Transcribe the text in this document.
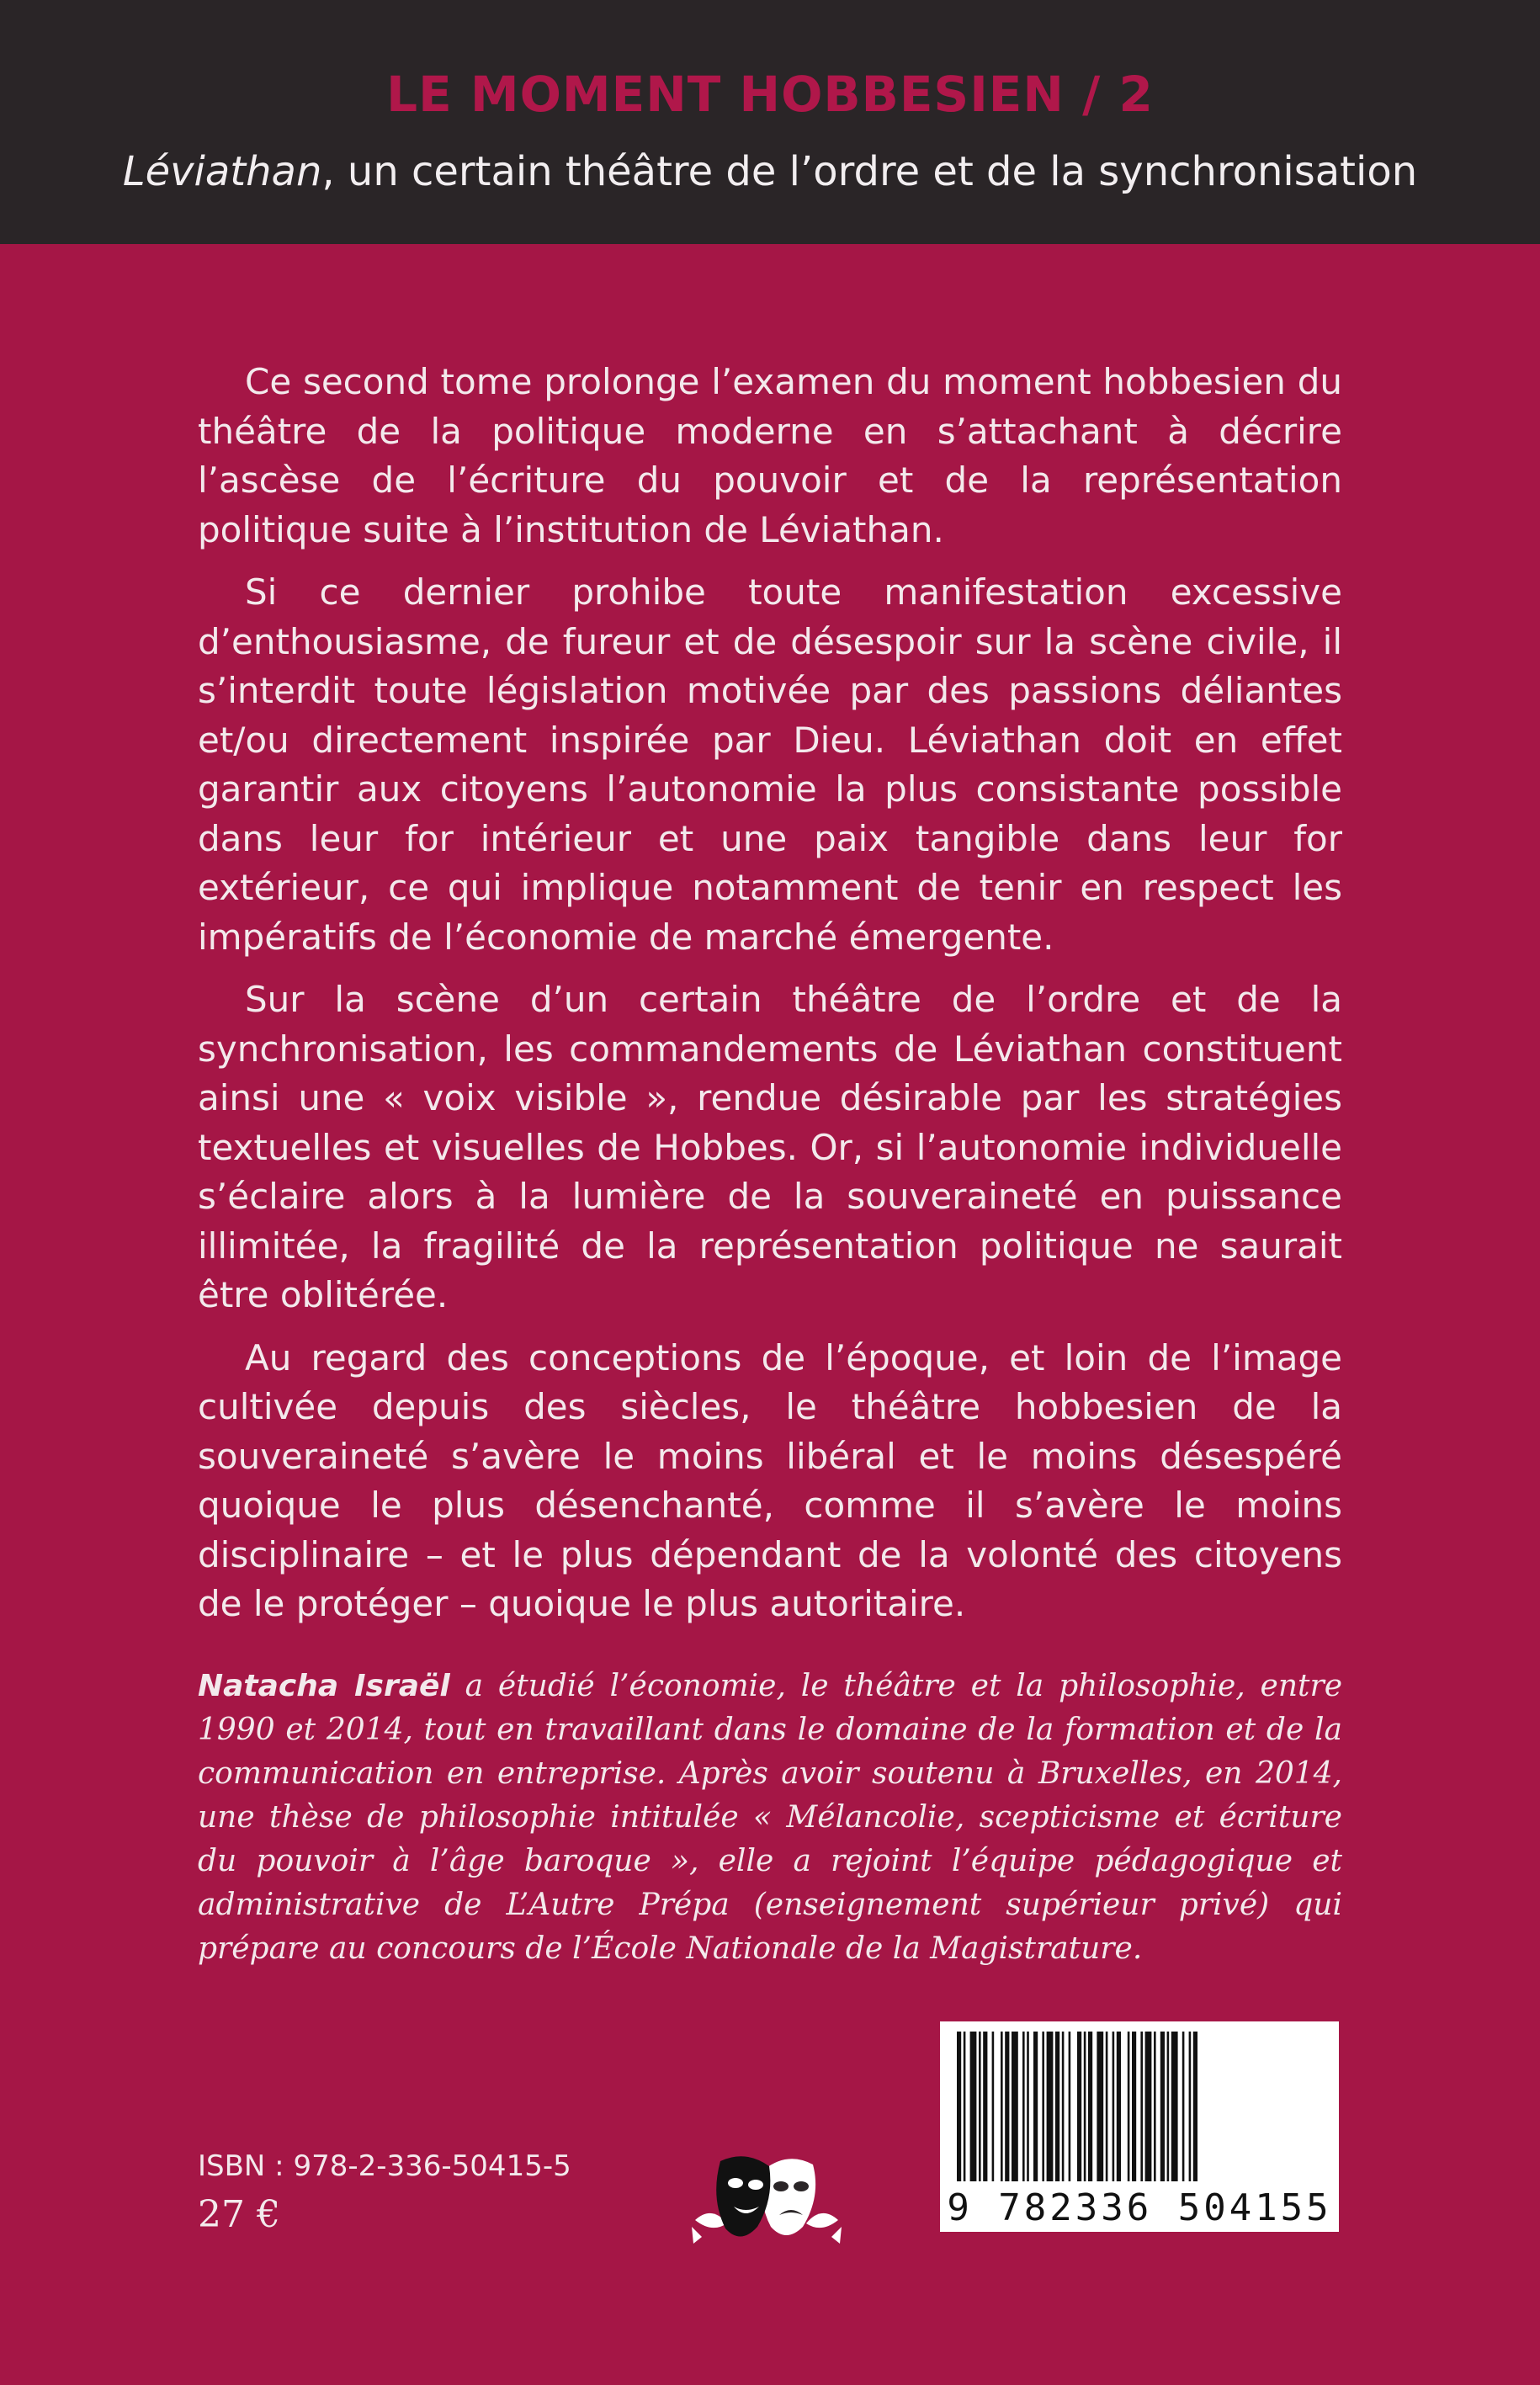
LE MOMENT HOBBESIEN / 2
Léviathan, un certain théâtre de l’ordre et de la synchronisation

Ce second tome prolonge l’examen du moment hobbesien du théâtre de la politique moderne en s’attachant à décrire l’ascèse de l’écriture du pouvoir et de la représentation politique suite à l’institution de Léviathan.

Si ce dernier prohibe toute manifestation excessive d’enthousiasme, de fureur et de désespoir sur la scène civile, il s’interdit toute législation motivée par des passions déliantes et/ou directement inspirée par Dieu. Léviathan doit en effet garantir aux citoyens l’autonomie la plus consistante possible dans leur for intérieur et une paix tangible dans leur for extérieur, ce qui implique notamment de tenir en respect les impératifs de l’économie de marché émergente.

Sur la scène d’un certain théâtre de l’ordre et de la synchronisation, les commandements de Léviathan constituent ainsi une « voix visible », rendue désirable par les stratégies textuelles et visuelles de Hobbes. Or, si l’autonomie individuelle s’éclaire alors à la lumière de la souveraineté en puissance illimitée, la fragilité de la représentation politique ne saurait être oblitérée.

Au regard des conceptions de l’époque, et loin de l’image cultivée depuis des siècles, le théâtre hobbesien de la souveraineté s’avère le moins libéral et le moins désespéré quoique le plus désenchanté, comme il s’avère le moins disciplinaire – et le plus dépendant de la volonté des citoyens de le protéger – quoique le plus autoritaire.

Natacha Israël a étudié l’économie, le théâtre et la philosophie, entre 1990 et 2014, tout en travaillant dans le domaine de la formation et de la communication en entreprise. Après avoir soutenu à Bruxelles, en 2014, une thèse de philosophie intitulée « Mélancolie, scepticisme et écriture du pouvoir à l’âge baroque », elle a rejoint l’équipe pédagogique et administrative de L’Autre Prépa (enseignement supérieur privé) qui prépare au concours de l’École Nationale de la Magistrature.
ISBN : 978-2-336-50415-5
27 €	9 782336 504155
